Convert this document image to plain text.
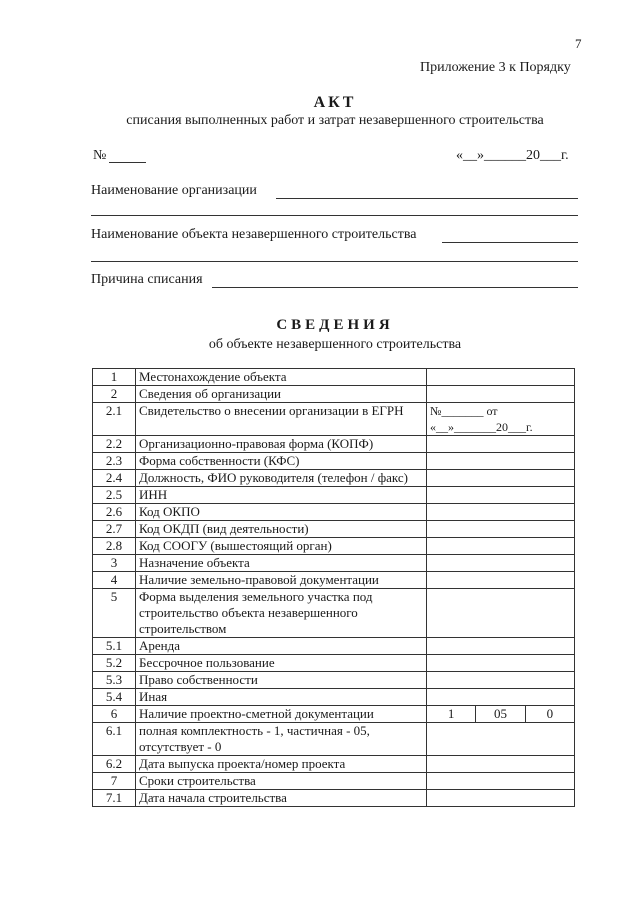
7
Приложение 3 к Порядку
АКТ
списания выполненных работ и затрат незавершенного строительства
№	«__»______20___г.
Наименование организации
Наименование объекта незавершенного строительства
Причина списания
СВЕДЕНИЯ
об объекте незавершенного строительства
1	Местонахождение объекта	

2	Сведения об организации	

2.1	Свидетельство о внесении организации в ЕГРН	№_______ от «__»_______20___г.

2.2	Организационно-правовая форма (КОПФ)	

2.3	Форма собственности (КФС)	

2.4	Должность, ФИО руководителя (телефон / факс)	

2.5	ИНН	

2.6	Код ОКПО	

2.7	Код ОКДП (вид деятельности)	

2.8	Код СООГУ (вышестоящий орган)	

3	Назначение объекта	

4	Наличие земельно-правовой документации	

5	Форма выделения земельного участка под строительство объекта незавершенного строительством	

5.1	Аренда	

5.2	Бессрочное пользование	

5.3	Право собственности	

5.4	Иная	

6	Наличие проектно-сметной документации	1 05 0

6.1	полная комплектность - 1, частичная - 05, отсутствует - 0	

6.2	Дата выпуска проекта/номер проекта	

7	Сроки строительства	

7.1	Дата начала строительства	
